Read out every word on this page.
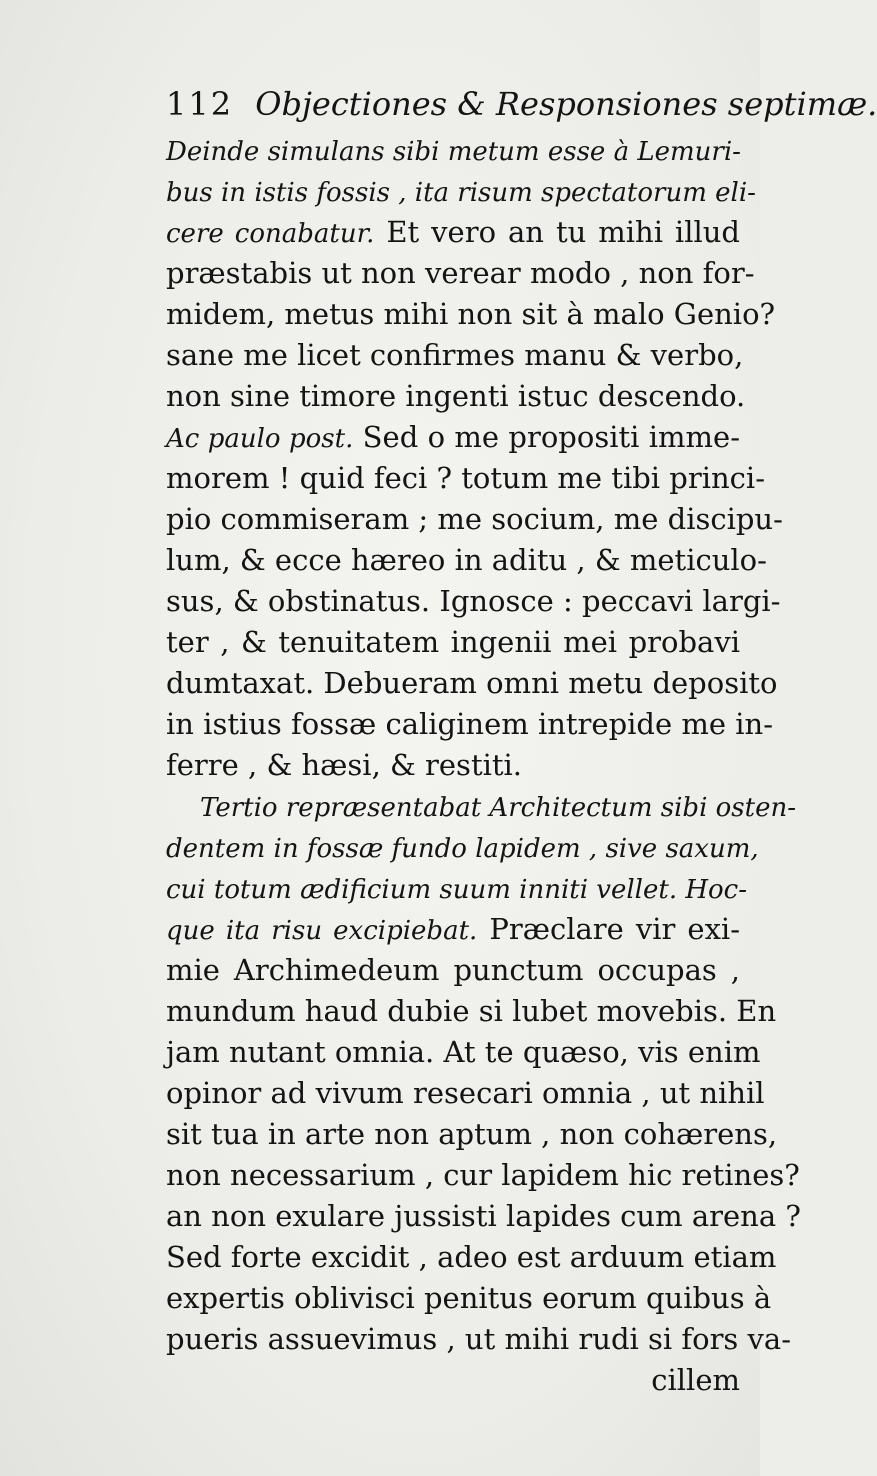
112 Objectiones & Responsiones septimæ.
Deinde simulans sibi metum esse à Lemuri-
bus in istis fossis , ita risum spectatorum eli-
cere conabatur. Et vero an tu mihi illud
præstabis ut non verear modo , non for-
midem, metus mihi non sit à malo Genio?
sane me licet confirmes manu & verbo,
non sine timore ingenti istuc descendo.
Ac paulo post. Sed o me propositi imme-
morem ! quid feci ? totum me tibi princi-
pio commiseram ; me socium, me discipu-
lum, & ecce hæreo in aditu , & meticulo-
sus, & obstinatus. Ignosce : peccavi largi-
ter , & tenuitatem ingenii mei probavi
dumtaxat. Debueram omni metu deposito
in istius fossæ caliginem intrepide me in-
ferre , & hæsi, & restiti.
Tertio repræsentabat Architectum sibi osten-
dentem in fossæ fundo lapidem , sive saxum,
cui totum ædificium suum inniti vellet. Hoc-
que ita risu excipiebat. Præclare vir exi-
mie Archimedeum punctum occupas ,
mundum haud dubie si lubet movebis. En
jam nutant omnia. At te quæso, vis enim
opinor ad vivum resecari omnia , ut nihil
sit tua in arte non aptum , non cohærens,
non necessarium , cur lapidem hic retines?
an non exulare jussisti lapides cum arena ?
Sed forte excidit , adeo est arduum etiam
expertis oblivisci penitus eorum quibus à
pueris assuevimus , ut mihi rudi si fors va-
cillem
